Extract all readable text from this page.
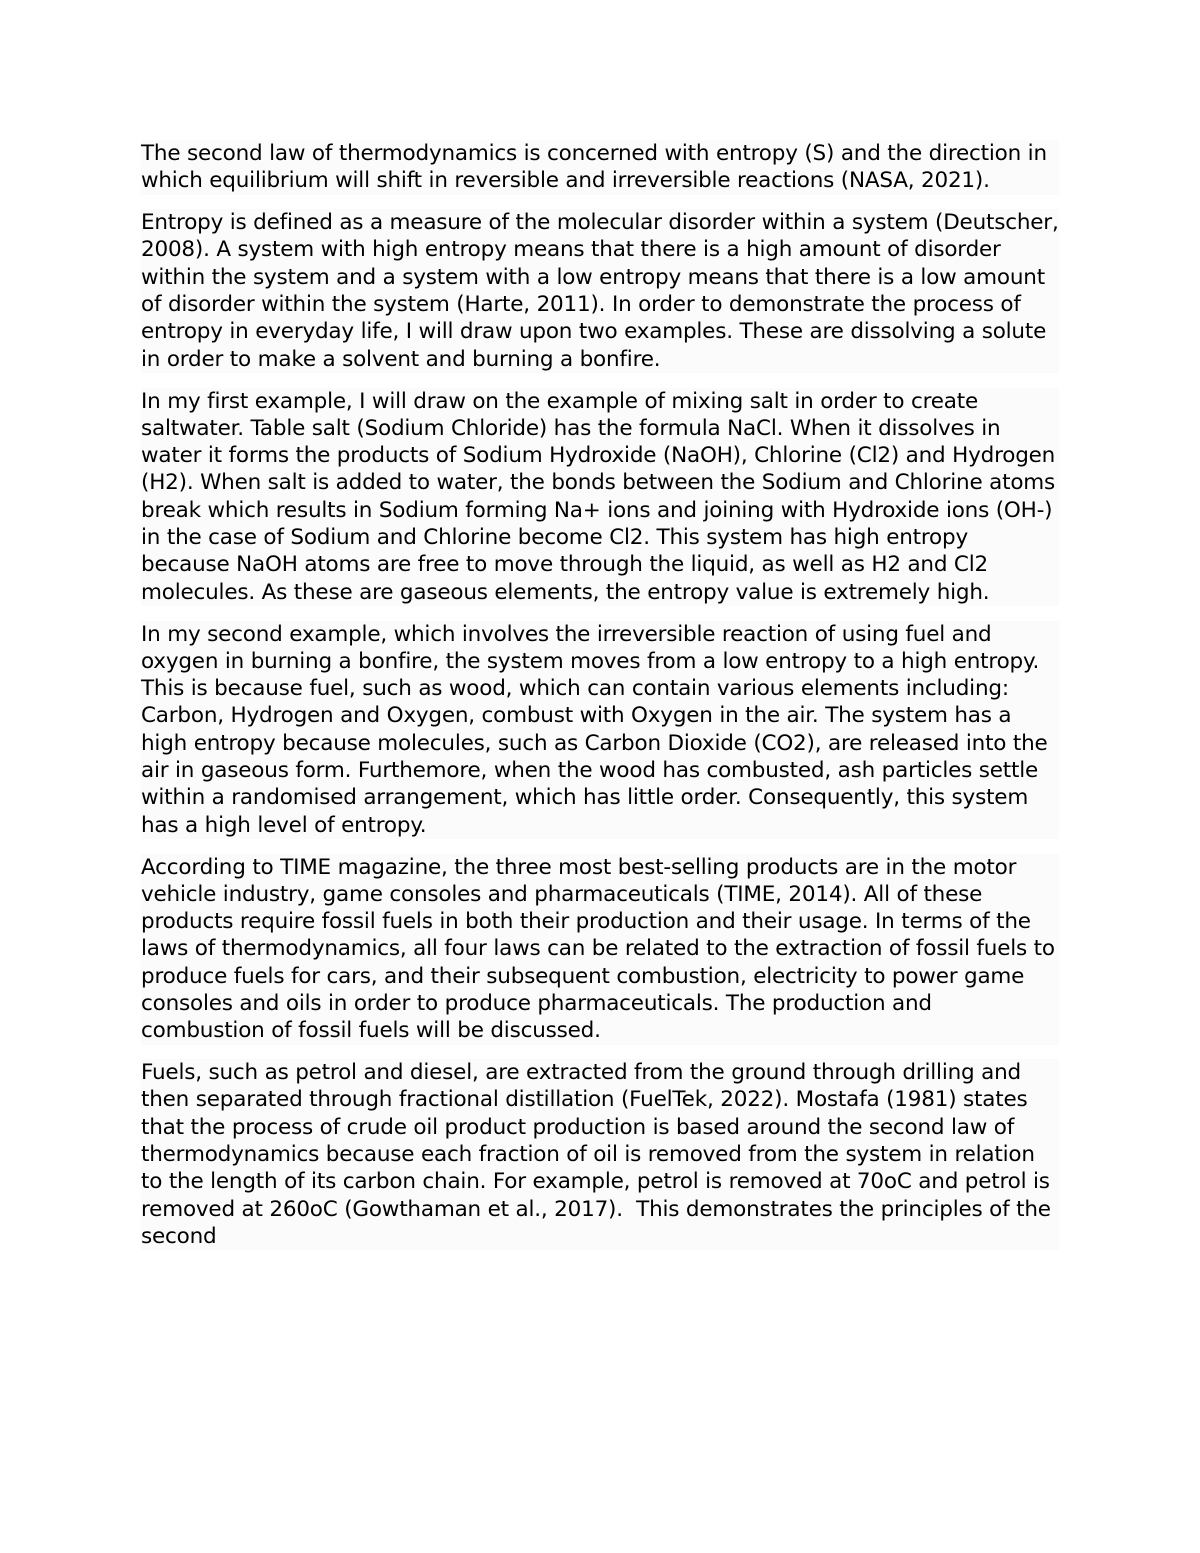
The second law of thermodynamics is concerned with entropy (S) and the direction in which equilibrium will shift in reversible and irreversible reactions (NASA, 2021).

Entropy is defined as a measure of the molecular disorder within a system (Deutscher, 2008). A system with high entropy means that there is a high amount of disorder within the system and a system with a low entropy means that there is a low amount of disorder within the system (Harte, 2011). In order to demonstrate the process of entropy in everyday life, I will draw upon two examples. These are dissolving a solute in order to make a solvent and burning a bonfire.

In my first example, I will draw on the example of mixing salt in order to create saltwater. Table salt (Sodium Chloride) has the formula NaCl. When it dissolves in water it forms the products of Sodium Hydroxide (NaOH), Chlorine (Cl2) and Hydrogen (H2). When salt is added to water, the bonds between the Sodium and Chlorine atoms break which results in Sodium forming Na+ ions and joining with Hydroxide ions (OH-) in the case of Sodium and Chlorine become Cl2. This system has high entropy because NaOH atoms are free to move through the liquid, as well as H2 and Cl2 molecules. As these are gaseous elements, the entropy value is extremely high.

In my second example, which involves the irreversible reaction of using fuel and oxygen in burning a bonfire, the system moves from a low entropy to a high entropy. This is because fuel, such as wood, which can contain various elements including: Carbon, Hydrogen and Oxygen, combust with Oxygen in the air. The system has a high entropy because molecules, such as Carbon Dioxide (CO2), are released into the air in gaseous form. Furthemore, when the wood has combusted, ash particles settle within a randomised arrangement, which has little order. Consequently, this system has a high level of entropy.

According to TIME magazine, the three most best-selling products are in the motor vehicle industry, game consoles and pharmaceuticals (TIME, 2014). All of these products require fossil fuels in both their production and their usage. In terms of the laws of thermodynamics, all four laws can be related to the extraction of fossil fuels to produce fuels for cars, and their subsequent combustion, electricity to power game consoles and oils in order to produce pharmaceuticals. The production and combustion of fossil fuels will be discussed.

Fuels, such as petrol and diesel, are extracted from the ground through drilling and then separated through fractional distillation (FuelTek, 2022). Mostafa (1981) states that the process of crude oil product production is based around the second law of thermodynamics because each fraction of oil is removed from the system in relation to the length of its carbon chain. For example, petrol is removed at 70oC and petrol is removed at 260oC (Gowthaman et al., 2017).  This demonstrates the principles of the second
